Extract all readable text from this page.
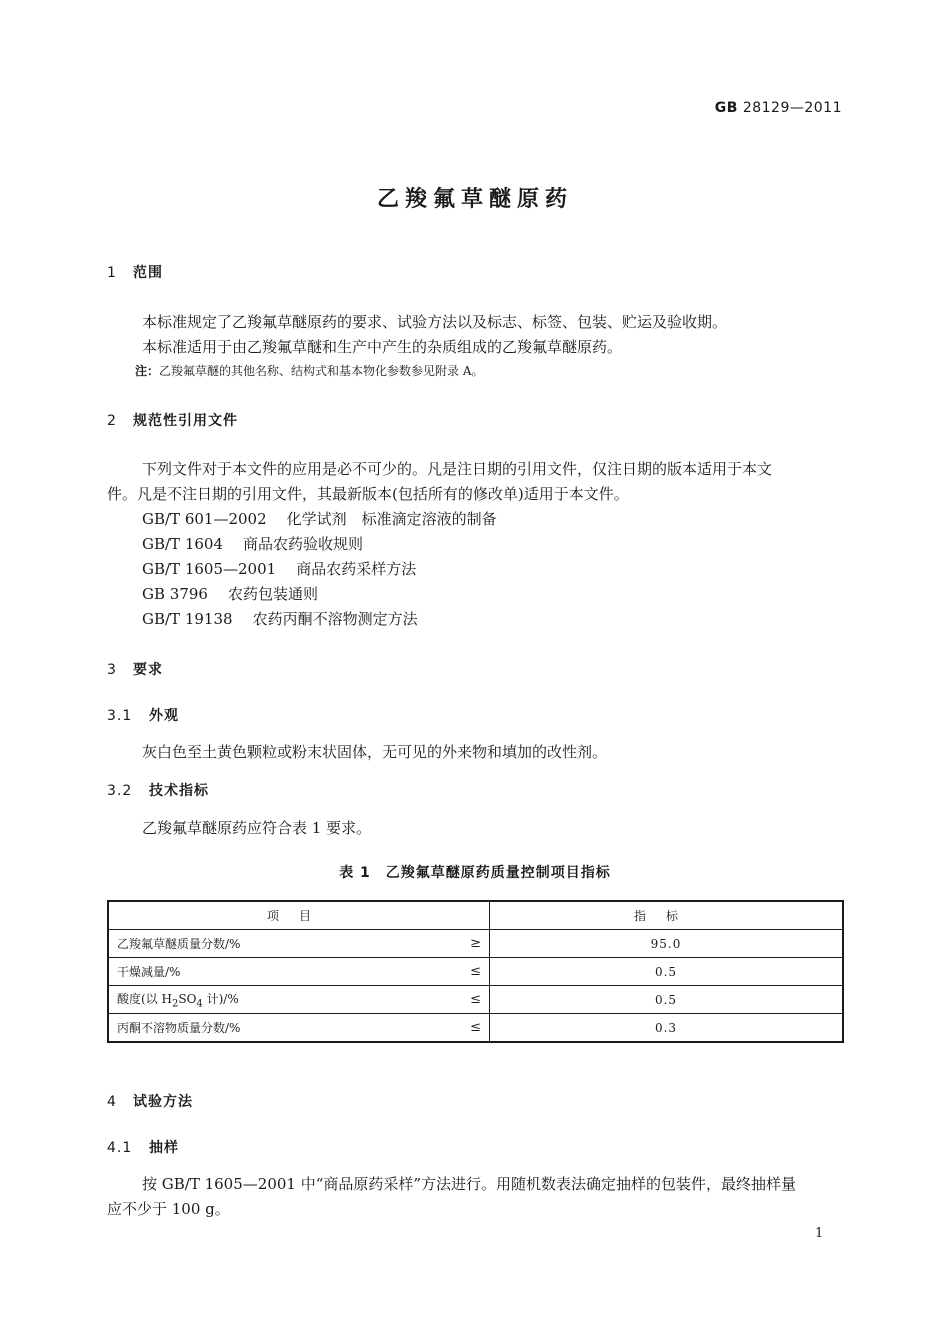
GB 28129—2011
乙羧氟草醚原药
1 范围
本标准规定了乙羧氟草醚原药的要求、试验方法以及标志、标签、包装、贮运及验收期。
本标准适用于由乙羧氟草醚和生产中产生的杂质组成的乙羧氟草醚原药。
注：乙羧氟草醚的其他名称、结构式和基本物化参数参见附录 A。
2 规范性引用文件
下列文件对于本文件的应用是必不可少的。凡是注日期的引用文件，仅注日期的版本适用于本文
件。凡是不注日期的引用文件，其最新版本(包括所有的修改单)适用于本文件。
GB/T 601—2002 化学试剂　标准滴定溶液的制备
GB/T 1604 商品农药验收规则
GB/T 1605—2001 商品农药采样方法
GB 3796 农药包装通则
GB/T 19138 农药丙酮不溶物测定方法
3 要求
3.1 外观
灰白色至土黄色颗粒或粉末状固体，无可见的外来物和填加的改性剂。
3.2 技术指标
乙羧氟草醚原药应符合表 1 要求。
表 1　乙羧氟草醚原药质量控制项目指标
项目	指标
乙羧氟草醚质量分数/% ≥	95.0
干燥减量/% ≤	0.5
酸度(以 $H_2SO_4$ 计)/% ≤	0.5
丙酮不溶物质量分数/% ≤	0.3
4 试验方法
4.1 抽样
按 GB/T 1605—2001 中“商品原药采样”方法进行。用随机数表法确定抽样的包装件，最终抽样量
应不少于 100 g。
1
